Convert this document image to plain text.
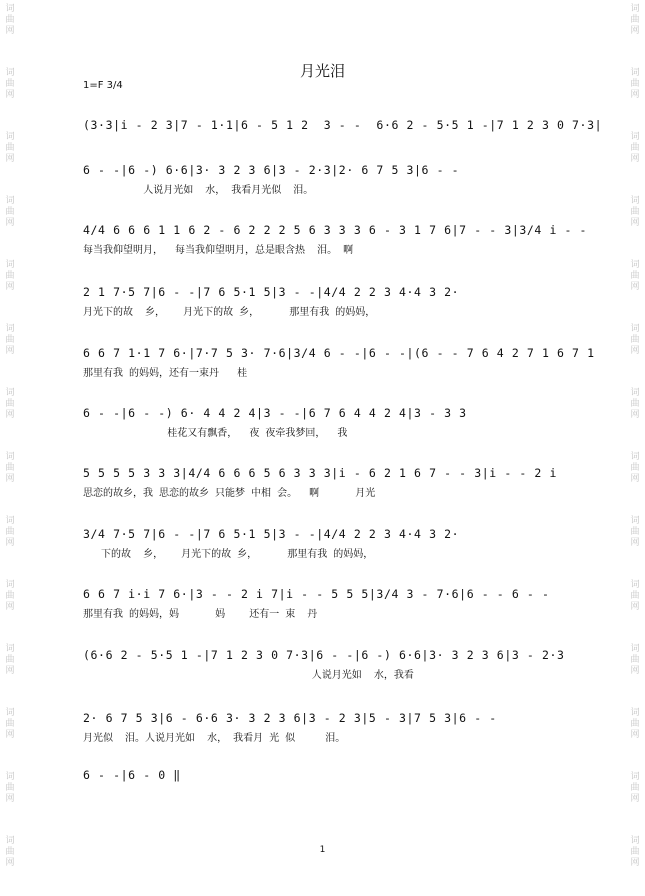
词
曲
网
词
曲
网
词
曲
网
词
曲
网
词
曲
网
词
曲
网
词
曲
网
词
曲
网
词
曲
网
词
曲
网
词
曲
网
词
曲
网
词
曲
网
词
曲
网
词
曲
网
词
曲
网
词
曲
网
词
曲
网
词
曲
网
词
曲
网
词
曲
网
词
曲
网
词
曲
网
词
曲
网
词
曲
网
词
曲
网
词
曲
网
词
曲
网
月光泪
1=F 3/4
(3·3|i - 2 3|7 - 1·1|6 - 5 1 2  3 - -  6·6 2 - 5·5 1 -|7 1 2 3 0 7·3|
6 - -|6 -) 6·6|3· 3 2 3 6|3 - 2·3|2· 6 7 5 3|6 - -
人说月光如  水， 我看月光似  泪。
4/4 6 6 6 1 1 6 2 - 6 2 2 2 5 6 3 3 3 6 - 3 1 7 6|7 - - 3|3/4 i - -
每当我仰望明月，  每当我仰望明月，总是眼含热  泪。 啊
2 1 7·5 7|6 - -|7 6 5·1 5|3 - -|4/4 2 2 3 4·4 3 2·
月光下的故  乡，   月光下的故 乡，     那里有我 的妈妈，
6 6 7 1·1 7 6·|7·7 5 3· 7·6|3/4 6 - -|6 - -|(6 - - 7 6 4 2 7 1 6 7 1
那里有我 的妈妈，还有一束丹   桂
6 - -|6 - -) 6· 4 4 2 4|3 - -|6 7 6 4 4 2 4|3 - 3 3
桂花又有飘香，  夜 夜牵我梦回，  我
5 5 5 5 3 3 3|4/4 6 6 6 5 6 3 3 3|i - 6 2 1 6 7 - - 3|i - - 2 i
思恋的故乡，我 思恋的故乡 只能梦 中相 会。  啊      月光
3/4 7·5 7|6 - -|7 6 5·1 5|3 - -|4/4 2 2 3 4·4 3 2·
下的故  乡，   月光下的故 乡，     那里有我 的妈妈，
6 6 7 i·i 7 6·|3 - - 2 i 7|i - - 5 5 5|3/4 3 - 7·6|6 - - 6 - -
那里有我 的妈妈，妈      妈    还有一 束  丹
(6·6 2 - 5·5 1 -|7 1 2 3 0 7·3|6 - -|6 -) 6·6|3· 3 2 3 6|3 - 2·3
人说月光如  水，我看
2· 6 7 5 3|6 - 6·6 3· 3 2 3 6|3 - 2 3|5 - 3|7 5 3|6 - -
月光似  泪。人说月光如  水， 我看月 光 似     泪。
6 - -|6 - 0 ‖
1
